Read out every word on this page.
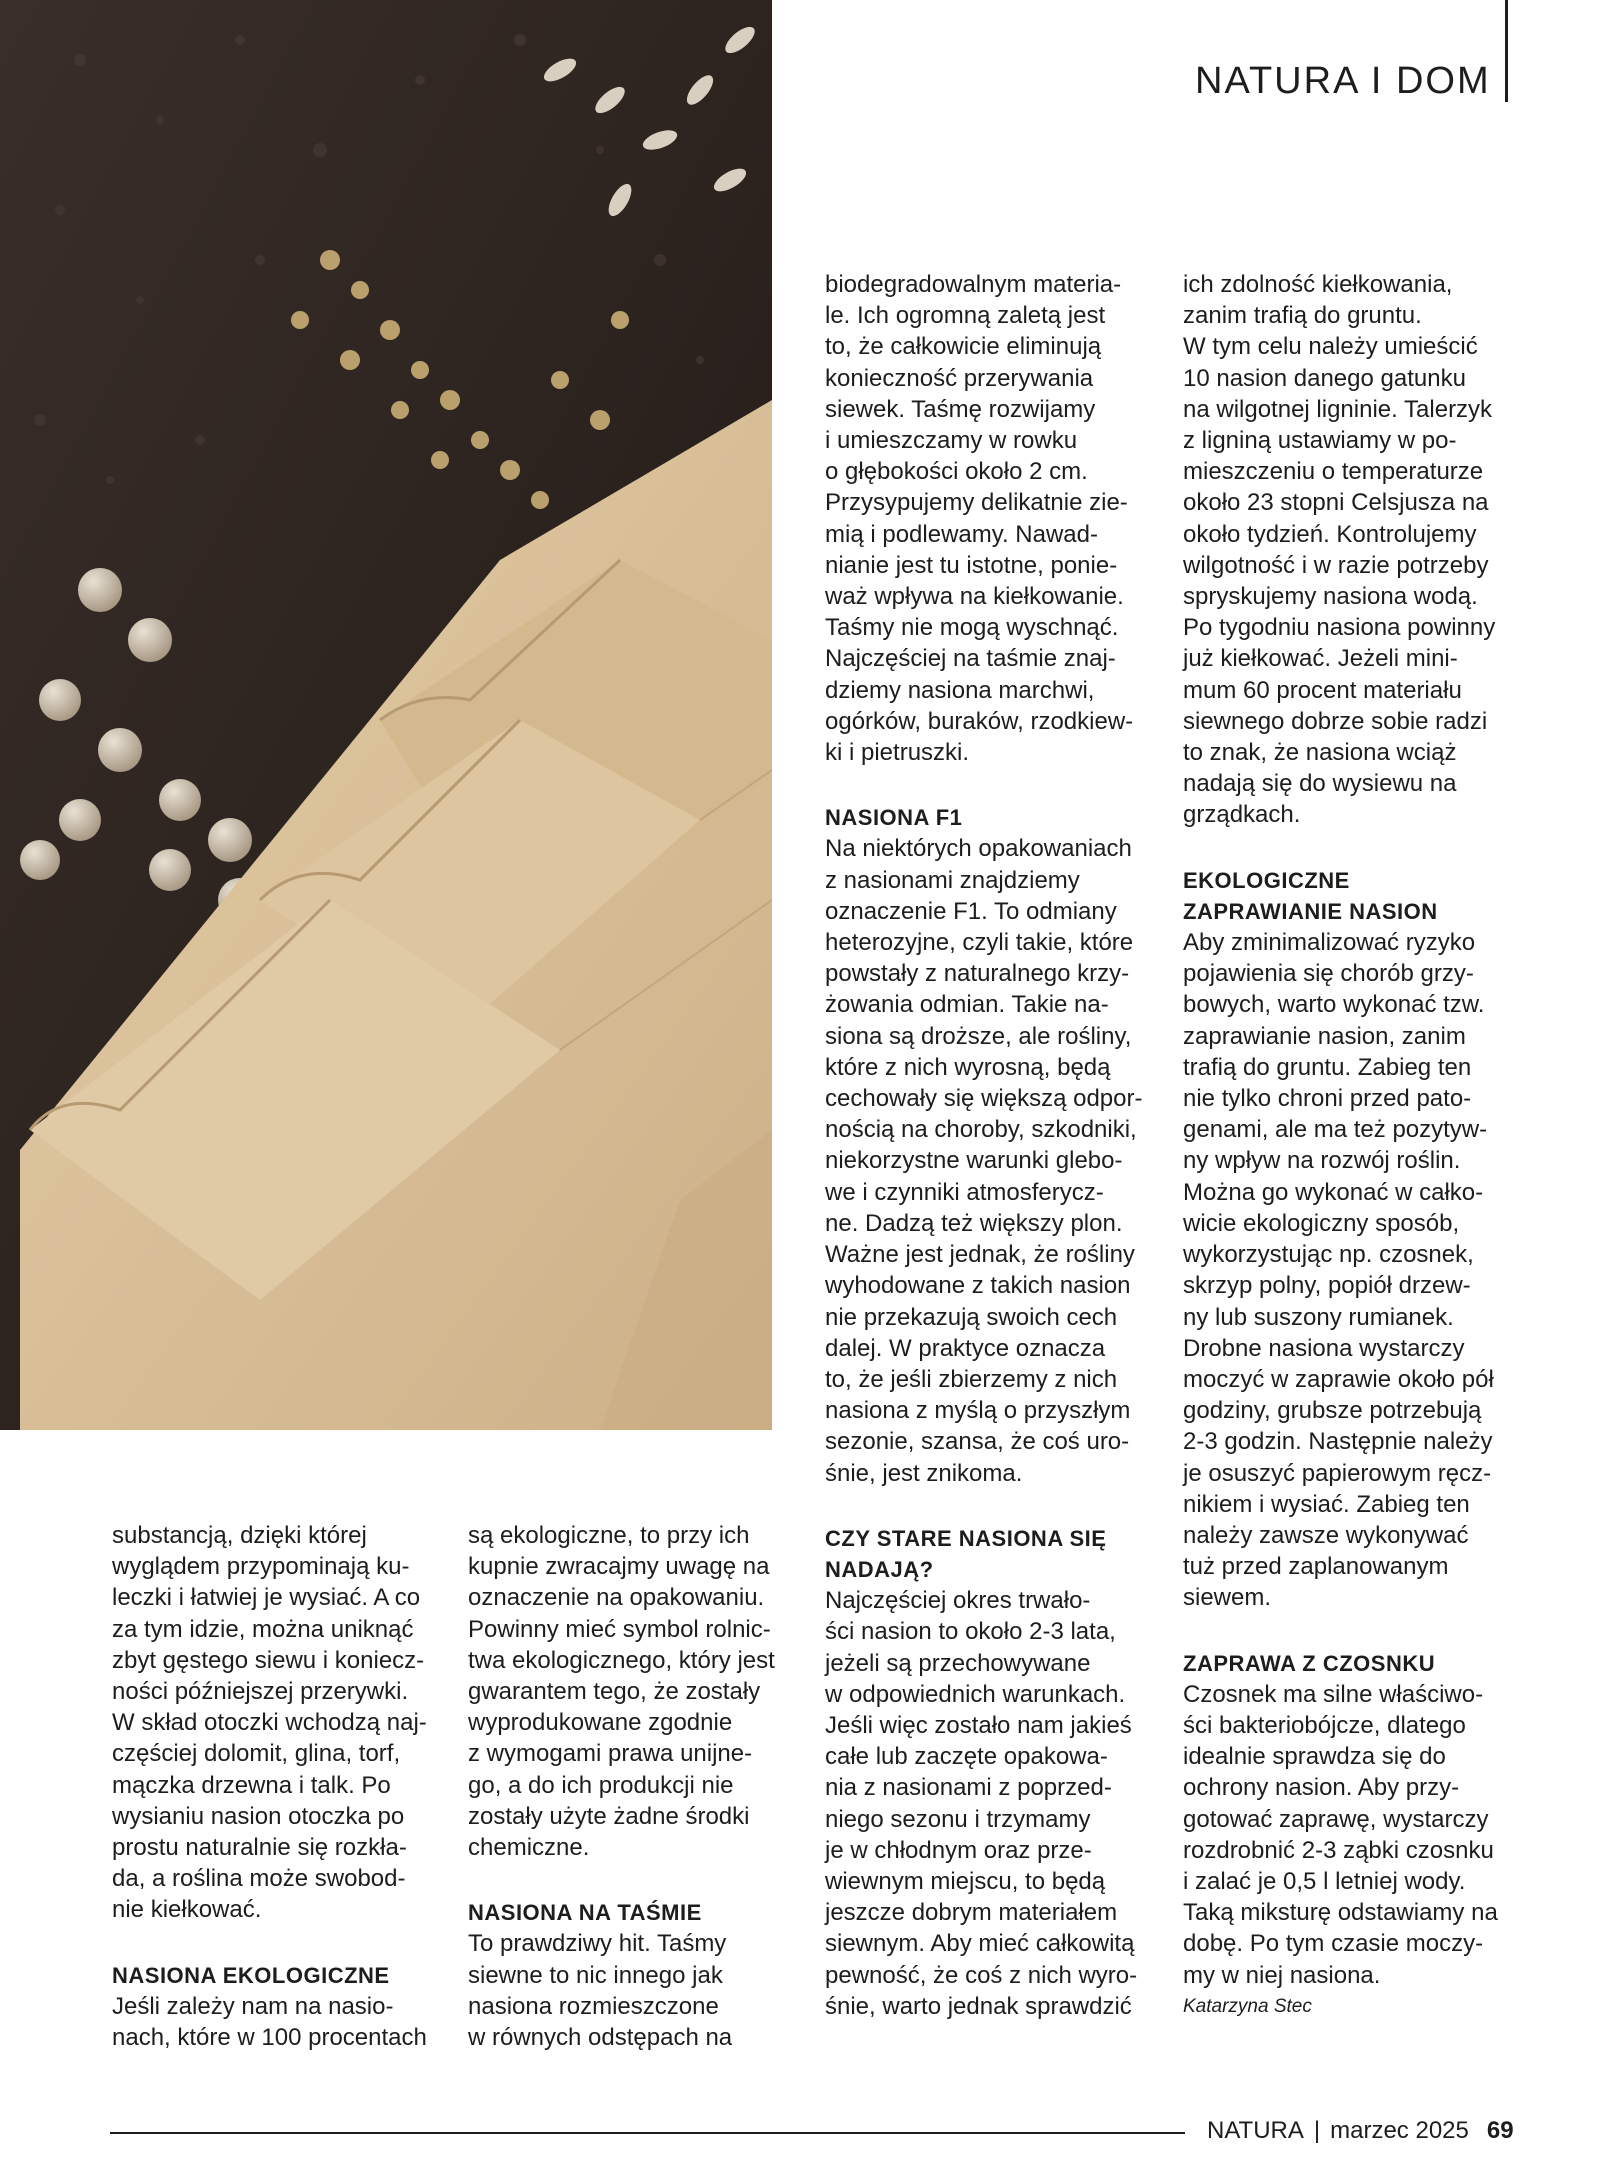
NATURA I DOM

substancją, dzięki której
wyglądem przypominają ku-
leczki i łatwiej je wysiać. A co
za tym idzie, można uniknąć
zbyt gęstego siewu i koniecz-
ności późniejszej przerywki.
W skład otoczki wchodzą naj-
częściej dolomit, glina, torf,
mączka drzewna i talk. Po
wysianiu nasion otoczka po
prostu naturalnie się rozkła-
da, a roślina może swobod-
nie kiełkować.

NASIONA EKOLOGICZNE

Jeśli zależy nam na nasio-
nach, które w 100 procentach

są ekologiczne, to przy ich
kupnie zwracajmy uwagę na
oznaczenie na opakowaniu.
Powinny mieć symbol rolnic-
twa ekologicznego, który jest
gwarantem tego, że zostały
wyprodukowane zgodnie
z wymogami prawa unijne-
go, a do ich produkcji nie
zostały użyte żadne środki
chemiczne.

NASIONA NA TAŚMIE

To prawdziwy hit. Taśmy
siewne to nic innego jak
nasiona rozmieszczone
w równych odstępach na

biodegradowalnym materia-
le. Ich ogromną zaletą jest
to, że całkowicie eliminują
konieczność przerywania
siewek. Taśmę rozwijamy
i umieszczamy w rowku
o głębokości około 2 cm.
Przysypujemy delikatnie zie-
mią i podlewamy. Nawad-
nianie jest tu istotne, ponie-
waż wpływa na kiełkowanie.
Taśmy nie mogą wyschnąć.
Najczęściej na taśmie znaj-
dziemy nasiona marchwi,
ogórków, buraków, rzodkiew-
ki i pietruszki.

NASIONA F1

Na niektórych opakowaniach
z nasionami znajdziemy
oznaczenie F1. To odmiany
heterozyjne, czyli takie, które
powstały z naturalnego krzy-
żowania odmian. Takie na-
siona są droższe, ale rośliny,
które z nich wyrosną, będą
cechowały się większą odpor-
nością na choroby, szkodniki,
niekorzystne warunki glebo-
we i czynniki atmosferycz-
ne. Dadzą też większy plon.
Ważne jest jednak, że rośliny
wyhodowane z takich nasion
nie przekazują swoich cech
dalej. W praktyce oznacza
to, że jeśli zbierzemy z nich
nasiona z myślą o przyszłym
sezonie, szansa, że coś uro-
śnie, jest znikoma.

CZY STARE NASIONA SIĘ
NADAJĄ?

Najczęściej okres trwało-
ści nasion to około 2-3 lata,
jeżeli są przechowywane
w odpowiednich warunkach.
Jeśli więc zostało nam jakieś
całe lub zaczęte opakowa-
nia z nasionami z poprzed-
niego sezonu i trzymamy
je w chłodnym oraz prze-
wiewnym miejscu, to będą
jeszcze dobrym materiałem
siewnym. Aby mieć całkowitą
pewność, że coś z nich wyro-
śnie, warto jednak sprawdzić

ich zdolność kiełkowania,
zanim trafią do gruntu.
W tym celu należy umieścić
10 nasion danego gatunku
na wilgotnej ligninie. Talerzyk
z ligniną ustawiamy w po-
mieszczeniu o temperaturze
około 23 stopni Celsjusza na
około tydzień. Kontrolujemy
wilgotność i w razie potrzeby
spryskujemy nasiona wodą.
Po tygodniu nasiona powinny
już kiełkować. Jeżeli mini-
mum 60 procent materiału
siewnego dobrze sobie radzi
to znak, że nasiona wciąż
nadają się do wysiewu na
grządkach.

EKOLOGICZNE
ZAPRAWIANIE NASION

Aby zminimalizować ryzyko
pojawienia się chorób grzy-
bowych, warto wykonać tzw.
zaprawianie nasion, zanim
trafią do gruntu. Zabieg ten
nie tylko chroni przed pato-
genami, ale ma też pozytyw-
ny wpływ na rozwój roślin.
Można go wykonać w całko-
wicie ekologiczny sposób,
wykorzystując np. czosnek,
skrzyp polny, popiół drzew-
ny lub suszony rumianek.
Drobne nasiona wystarczy
moczyć w zaprawie około pół
godziny, grubsze potrzebują
2-3 godzin. Następnie należy
je osuszyć papierowym ręcz-
nikiem i wysiać. Zabieg ten
należy zawsze wykonywać
tuż przed zaplanowanym
siewem.

ZAPRAWA Z CZOSNKU

Czosnek ma silne właściwo-
ści bakteriobójcze, dlatego
idealnie sprawdza się do
ochrony nasion. Aby przy-
gotować zaprawę, wystarczy
rozdrobnić 2-3 ząbki czosnku
i zalać je 0,5 l letniej wody.
Taką miksturę odstawiamy na
dobę. Po tym czasie moczy-
my w niej nasiona.

Katarzyna Stec

NATURA | marzec 2025 69
